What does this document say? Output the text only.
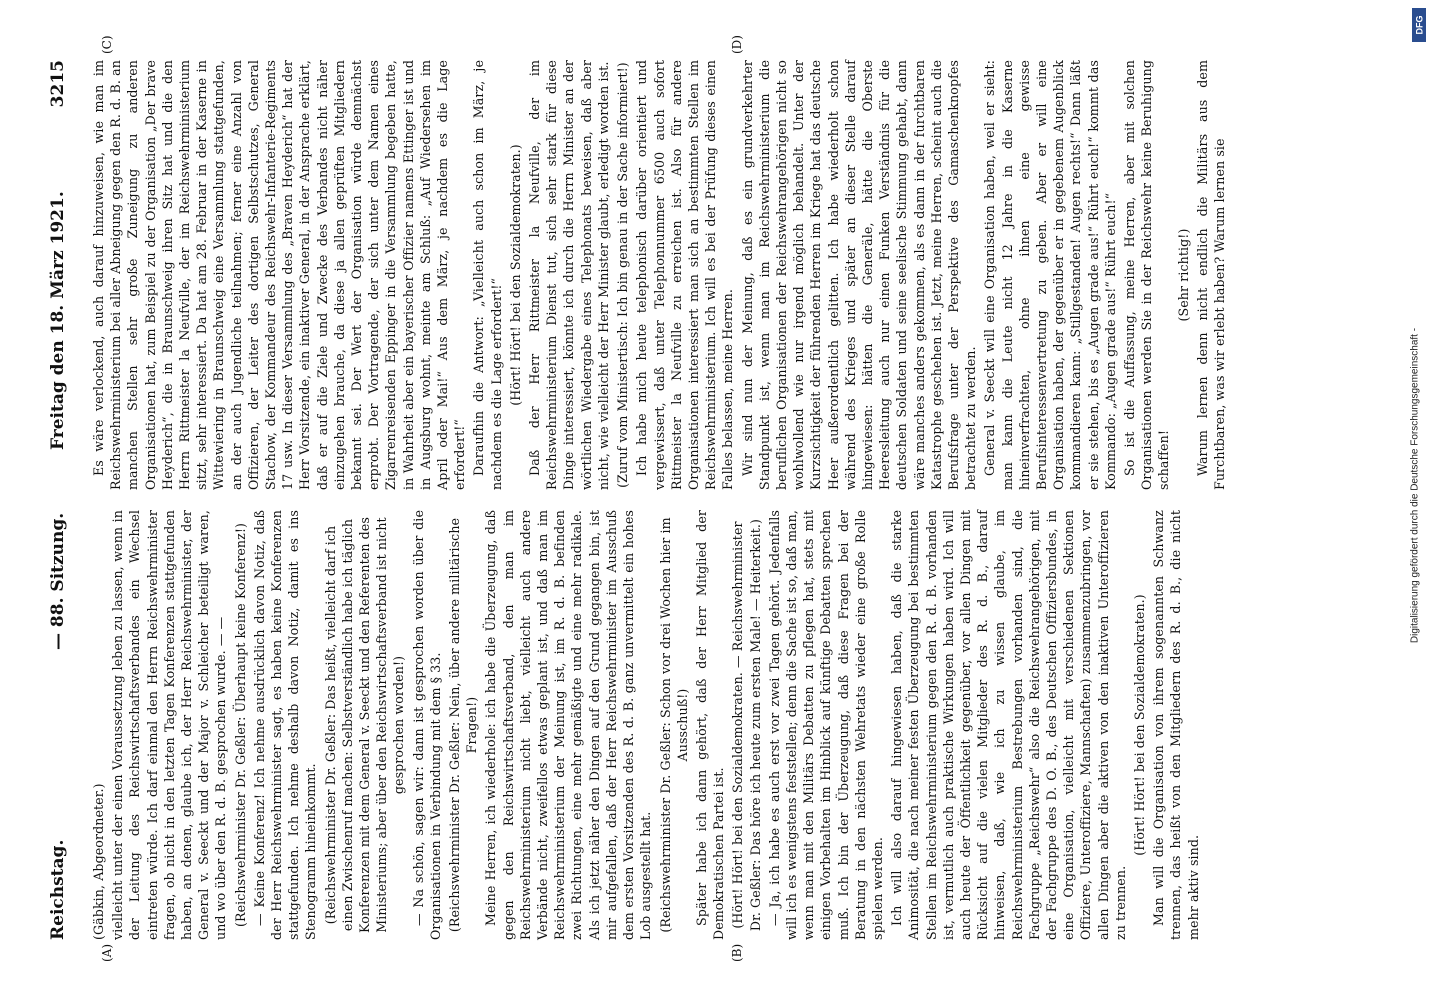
Reichstag.
— 88. Sitzung.
Freitag den 18. März 1921.
3215
(A)	(B)
(C)	(D)

(Gäbkin, Abgeordneter.) vielleicht unter der einen Voraussetzung leben zu lassen, wenn in der Leitung des Reichswirtschaftsverbandes ein Wechsel eintreten würde. Ich darf einmal den Herrn Reichswehrminister fragen, ob nicht in den letzten Tagen Konferenzen stattgefunden haben, an denen, glaube ich, der Herr Reichswehrminister, der General v. Seeckt und der Major v. Schleicher beteiligt waren, und wo über den R. d. B. gesprochen wurde. — — (Reichswehrminister Dr. Geßler: Überhaupt keine Konferenz!) — Keine Konferenz! Ich nehme ausdrücklich davon Notiz, daß der Herr Reichswehrminister sagt, es haben keine Konferenzen stattgefunden. Ich nehme deshalb davon Notiz, damit es ins Stenogramm hineinkommt. (Reichswehrminister Dr. Geßler: Das heißt, vielleicht darf ich einen Zwischenruf machen: Selbstverständlich habe ich täglich Konferenzen mit dem General v. Seeckt und den Referenten des Ministeriums; aber über den Reichswirtschaftsverband ist nicht gesprochen worden!) — Na schön, sagen wir: dann ist gesprochen worden über die Organisationen in Verbindung mit dem § 33. (Reichswehrminister Dr. Geßler: Nein, über andere militärische Fragen!) Meine Herren, ich wiederhole: ich habe die Überzeugung, daß gegen den Reichswirtschaftsverband, den man im Reichswehrministerium nicht liebt, vielleicht auch andere Verbände nicht, zweifellos etwas geplant ist, und daß man im Reichswehrministerium der Meinung ist, im R. d. B. befinden zwei Richtungen, eine mehr gemäßigte und eine mehr radikale. Als ich jetzt näher den Dingen auf den Grund gegangen bin, ist mir aufgefallen, daß der Herr Reichswehrminister im Ausschuß dem ersten Vorsitzenden des R. d. B. ganz unvermittelt ein hohes Lob ausgestellt hat. (Reichswehrminister Dr. Geßler: Schon vor drei Wochen hier im Ausschuß!) Später habe ich dann gehört, daß der Herr Mitglied der Demokratischen Partei ist. (Hört! Hört! bei den Sozialdemokraten. — Reichswehrminister Dr. Geßler: Das höre ich heute zum ersten Male! — Heiterkeit.) — Ja, ich habe es auch erst vor zwei Tagen gehört. Jedenfalls will ich es wenigstens feststellen; denn die Sache ist so, daß man, wenn man mit den Militärs Debatten zu pflegen hat, stets mit einigen Vorbehalten im Hinblick auf künftige Debatten sprechen muß. Ich bin der Überzeugung, daß diese Fragen bei der Beratung in den nächsten Wehretats wieder eine große Rolle spielen werden. Ich will also darauf hingewiesen haben, daß die starke Animosität, die nach meiner festen Überzeugung bei bestimmten Stellen im Reichswehrministerium gegen den R. d. B. vorhanden ist, vermutlich auch praktische Wirkungen haben wird. Ich will auch heute der Öffentlichkeit gegenüber, vor allen Dingen mit Rücksicht auf die vielen Mitglieder des R. d. B., darauf hinweisen, daß, wie ich zu wissen glaube, im Reichswehrministerium Bestrebungen vorhanden sind, die Fachgruppe „Reichswehr“ also die Reichswehrangehörigen, mit der Fachgruppe des D. O. B., des Deutschen Offiziersbundes, in eine Organisation, vielleicht mit verschiedenen Sektionen Offiziere, Unteroffiziere, Mannschaften) zusammenzubringen, vor allen Dingen aber die aktiven von den inaktiven Unteroffizieren zu trennen.

(Hört! Hört! bei den Sozialdemokraten.) Man will die Organisation von ihrem sogenannten Schwanz trennen, das heißt von den Mitgliedern des R. d. B., die nicht mehr aktiv sind.

Es wäre verlockend, auch darauf hinzuweisen, wie man im Reichswehrministerium bei aller Abneigung gegen den R. d. B. an manchen Stellen sehr große Zuneigung zu anderen Organisationen hat, zum Beispiel zu der Organisation „Der brave Heyderich“, die in Braunschweig ihren Sitz hat und die den Herrn Rittmeister la Neufville, der im Reichswehrministerium sitzt, sehr interessiert. Da hat am 28. Februar in der Kaserne in Wittewiering in Braunschweig eine Versammlung stattgefunden, an der auch Jugendliche teilnahmen; ferner eine Anzahl von Offizieren, der Leiter des dortigen Selbstschutzes, General Stachow, der Kommandeur des Reichswehr-Infanterie-Regiments 17 usw. In dieser Versammlung des „Braven Heyderich“ hat der Herr Vorsitzende, ein inaktiver General, in der Ansprache erklärt, daß er auf die Ziele und Zwecke des Verbandes nicht näher einzugehen brauche, da diese ja allen geprüften Mitgliedern bekannt sei. Der Wert der Organisation würde demnächst erprobt. Der Vortragende, der sich unter dem Namen eines Zigarrenreisenden Eppinger in die Versammlung begeben hatte, in Wahrheit aber ein bayerischer Offizier namens Ettinger ist und in Augsburg wohnt, meinte am Schluß: „Auf Wiedersehen im April oder Mai!“ Aus dem März, je nachdem es die Lage erfordert!“ Daraufhin die Antwort: „Vielleicht auch schon im März, je nachdem es die Lage erfordert!“ (Hört! Hört! bei den Sozialdemokraten.) Daß der Herr Rittmeister la Neufville, der im Reichswehrministerium Dienst tut, sich sehr stark für diese Dinge interessiert, könnte ich durch die Herrn Minister an der wörtlichen Wiedergabe eines Telephonats beweisen, daß aber nicht, wie vielleicht der Herr Minister glaubt, erledigt worden ist. (Zuruf vom Ministertisch: Ich bin genau in der Sache informiert!) Ich habe mich heute telephonisch darüber orientiert und vergewissert, daß unter Telephonnummer 6500 auch sofort Rittmeister la Neufville zu erreichen ist. Also für andere Organisationen interessiert man sich an bestimmten Stellen im Reichswehrministerium. Ich will es bei der Prüfung dieses einen Falles belassen, meine Herren. Wir sind nun der Meinung, daß es ein grundverkehrter Standpunkt ist, wenn man im Reichswehrministerium die beruflichen Organisationen der Reichswehrangehörigen nicht so wohlwollend wie nur irgend möglich behandelt. Unter der Kurzsichtigkeit der führenden Herren im Kriege hat das deutsche Heer außerordentlich gelitten. Ich habe wiederholt schon während des Krieges und später an dieser Stelle darauf hingewiesen: hätten die Generäle, hätte die Oberste Heeresleitung auch nur einen Funken Verständnis für die deutschen Soldaten und seine seelische Stimmung gehabt, dann wäre manches anders gekommen, als es dann in der furchtbaren Katastrophe geschehen ist. Jetzt, meine Herren, scheint auch die Berufsfrage unter der Perspektive des Gamaschenknopfes betrachtet zu werden. General v. Seeckt will eine Organisation haben, weil er sieht: man kann die Leute nicht 12 Jahre in die Kaserne hineinverfrachten, ohne ihnen eine gewisse Berufsinteressenvertretung zu geben. Aber er will eine Organisation haben, der gegenüber er in gegebenem Augenblick kommandieren kann: „Stillgestanden! Augen rechts!“ Dann läßt er sie stehen, bis es „Augen grade aus!“ Rührt euch!“ kommt das Kommando: „Augen grade aus!“ Rührt euch!“ So ist die Auffassung, meine Herren, aber mit solchen Organisationen werden Sie in der Reichswehr keine Beruhigung schaffen!

(Sehr richtig!) Warum lernen denn nicht endlich die Militärs aus dem Furchtbaren, was wir erlebt haben? Warum lernen sie	Digitalisierung gefördert durch die Deutsche Forschungsgemeinschaft -
DFG
